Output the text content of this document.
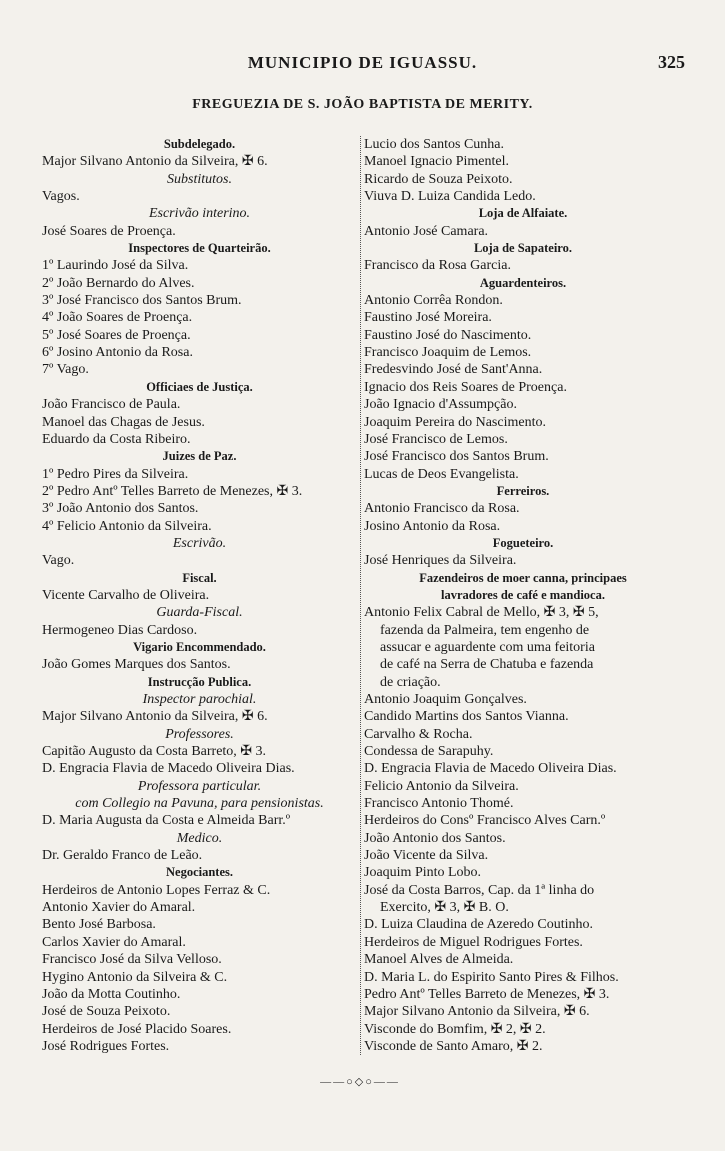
MUNICIPIO DE IGUASSU.	325
FREGUEZIA DE S. JOÃO BAPTISTA DE MERITY.
Subdelegado.
Major Silvano Antonio da Silveira, ✠ 6.
Substitutos.
Vagos.
Escrivão interino.
José Soares de Proença.
Inspectores de Quarteirão.
1º Laurindo José da Silva.
2º João Bernardo do Alves.
3º José Francisco dos Santos Brum.
4º João Soares de Proença.
5º José Soares de Proença.
6º Josino Antonio da Rosa.
7º Vago.
Officiaes de Justiça.
João Francisco de Paula.
Manoel das Chagas de Jesus.
Eduardo da Costa Ribeiro.
Juizes de Paz.
1º Pedro Pires da Silveira.
2º Pedro Antº Telles Barreto de Menezes, ✠ 3.
3º João Antonio dos Santos.
4º Felicio Antonio da Silveira.
Escrivão.
Vago.
Fiscal.
Vicente Carvalho de Oliveira.
Guarda-Fiscal.
Hermogeneo Dias Cardoso.
Vigario Encommendado.
João Gomes Marques dos Santos.
Instrucção Publica.
Inspector parochial.
Major Silvano Antonio da Silveira, ✠ 6.
Professores.
Capitão Augusto da Costa Barreto, ✠ 3.
D. Engracia Flavia de Macedo Oliveira Dias.
Professora particular.
com Collegio na Pavuna, para pensionistas.
D. Maria Augusta da Costa e Almeida Barr.º
Medico.
Dr. Geraldo Franco de Leão.
Negociantes.
Herdeiros de Antonio Lopes Ferraz & C.
Antonio Xavier do Amaral.
Bento José Barbosa.
Carlos Xavier do Amaral.
Francisco José da Silva Velloso.
Hygino Antonio da Silveira & C.
João da Motta Coutinho.
José de Souza Peixoto.
Herdeiros de José Placido Soares.
José Rodrigues Fortes.
Lucio dos Santos Cunha.
Manoel Ignacio Pimentel.
Ricardo de Souza Peixoto.
Viuva D. Luiza Candida Ledo.
Loja de Alfaiate.
Antonio José Camara.
Loja de Sapateiro.
Francisco da Rosa Garcia.
Aguardenteiros.
Antonio Corrêa Rondon.
Faustino José Moreira.
Faustino José do Nascimento.
Francisco Joaquim de Lemos.
Fredesvindo José de Sant'Anna.
Ignacio dos Reis Soares de Proença.
João Ignacio d'Assumpção.
Joaquim Pereira do Nascimento.
José Francisco de Lemos.
José Francisco dos Santos Brum.
Lucas de Deos Evangelista.
Ferreiros.
Antonio Francisco da Rosa.
Josino Antonio da Rosa.
Fogueteiro.
José Henriques da Silveira.
Fazendeiros de moer canna, principaes
lavradores de café e mandioca.
Antonio Felix Cabral de Mello, ✠ 3, ✠ 5,
fazenda da Palmeira, tem engenho de
assucar e aguardente com uma feitoria
de café na Serra de Chatuba e fazenda
de criação.
Antonio Joaquim Gonçalves.
Candido Martins dos Santos Vianna.
Carvalho & Rocha.
Condessa de Sarapuhy.
D. Engracia Flavia de Macedo Oliveira Dias.
Felicio Antonio da Silveira.
Francisco Antonio Thomé.
Herdeiros do Consº Francisco Alves Carn.º
João Antonio dos Santos.
João Vicente da Silva.
Joaquim Pinto Lobo.
José da Costa Barros, Cap. da 1ª linha do
Exercito, ✠ 3, ✠ B. O.
D. Luiza Claudina de Azeredo Coutinho.
Herdeiros de Miguel Rodrigues Fortes.
Manoel Alves de Almeida.
D. Maria L. do Espirito Santo Pires & Filhos.
Pedro Antº Telles Barreto de Menezes, ✠ 3.
Major Silvano Antonio da Silveira, ✠ 6.
Visconde do Bomfim, ✠ 2, ✠ 2.
Visconde de Santo Amaro, ✠ 2.
——○◇○——
